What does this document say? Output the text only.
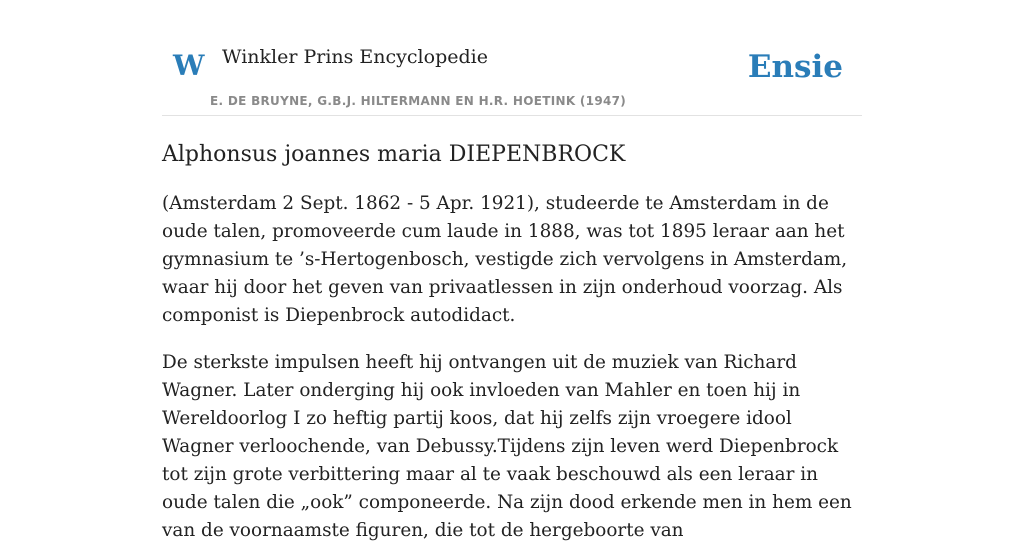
W Winkler Prins Encyclopedie
E. DE BRUYNE, G.B.J. HILTERMANN EN H.R. HOETINK (1947)
Ensie
Alphonsus joannes maria DIEPENBROCK

(Amsterdam 2 Sept. 1862 - 5 Apr. 1921), studeerde te Amsterdam in de oude talen, promoveerde cum laude in 1888, was tot 1895 leraar aan het gymnasium te ’s-Hertogenbosch, vestigde zich vervolgens in Amsterdam, waar hij door het geven van privaatlessen in zijn onderhoud voorzag. Als componist is Diepenbrock autodidact.

De sterkste impulsen heeft hij ontvangen uit de muziek van Richard Wagner. Later onderging hij ook invloeden van Mahler en toen hij in Wereldoorlog I zo heftig partij koos, dat hij zelfs zijn vroegere idool Wagner verloochende, van Debussy.Tijdens zijn leven werd Diepenbrock tot zijn grote verbittering maar al te vaak beschouwd als een leraar in oude talen die „ook” componeerde. Na zijn dood erkende men in hem een van de voornaamste figuren, die tot de hergeboorte van
